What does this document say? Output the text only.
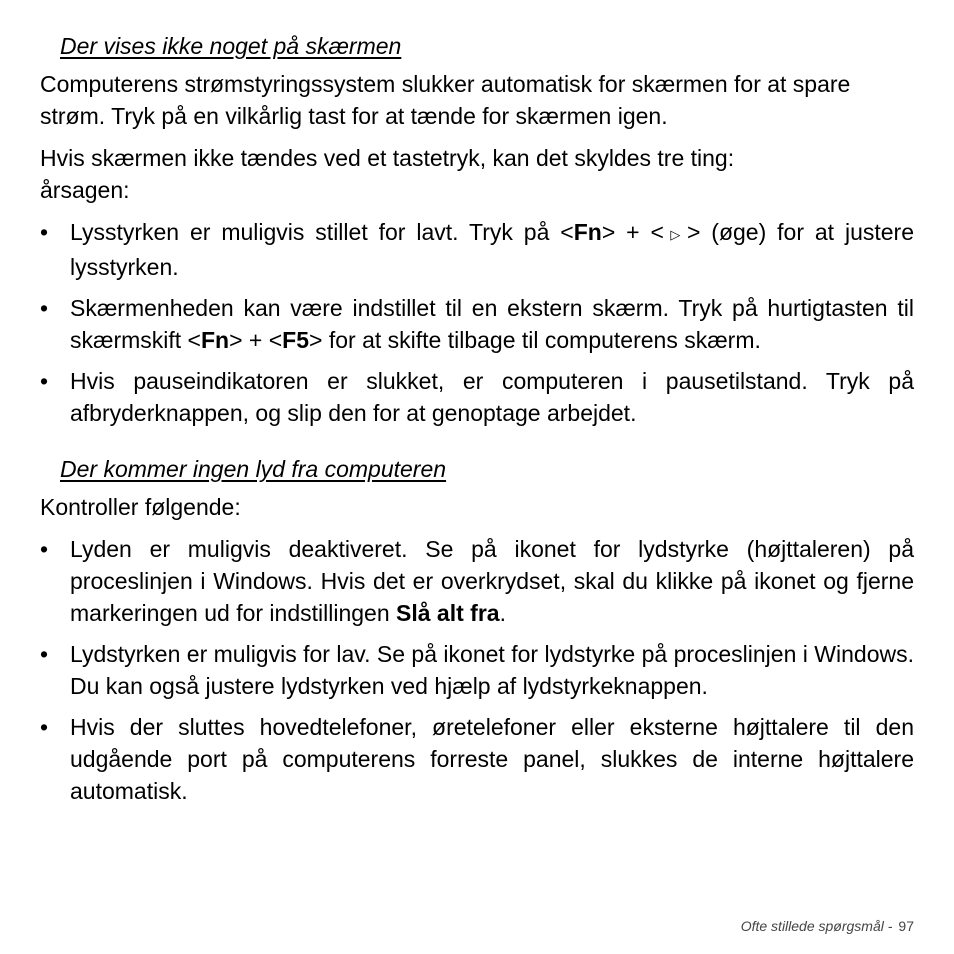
Der vises ikke noget på skærmen

Computerens strømstyringssystem slukker automatisk for skærmen for at spare strøm. Tryk på en vilkårlig tast for at tænde for skærmen igen.

Hvis skærmen ikke tændes ved et tastetryk, kan det skyldes tre ting:
årsagen:

• Lysstyrken er muligvis stillet for lavt. Tryk på <Fn> + < ▷> (øge) for at justere lysstyrken.
• Skærmenheden kan være indstillet til en ekstern skærm. Tryk på hurtigtasten til skærmskift <Fn> + <F5> for at skifte tilbage til computerens skærm.
• Hvis pauseindikatoren er slukket, er computeren i pausetilstand. Tryk på afbryderknappen, og slip den for at genoptage arbejdet.
Der kommer ingen lyd fra computeren

Kontroller følgende:

• Lyden er muligvis deaktiveret. Se på ikonet for lydstyrke (højttaleren) på proceslinjen i Windows. Hvis det er overkrydset, skal du klikke på ikonet og fjerne markeringen ud for indstillingen Slå alt fra.
• Lydstyrken er muligvis for lav. Se på ikonet for lydstyrke på proceslinjen i Windows. Du kan også justere lydstyrken ved hjælp af lydstyrkeknappen.
• Hvis der sluttes hovedtelefoner, øretelefoner eller eksterne højttalere til den udgående port på computerens forreste panel, slukkes de interne højttalere automatisk.
Ofte stillede spørgsmål - 97
